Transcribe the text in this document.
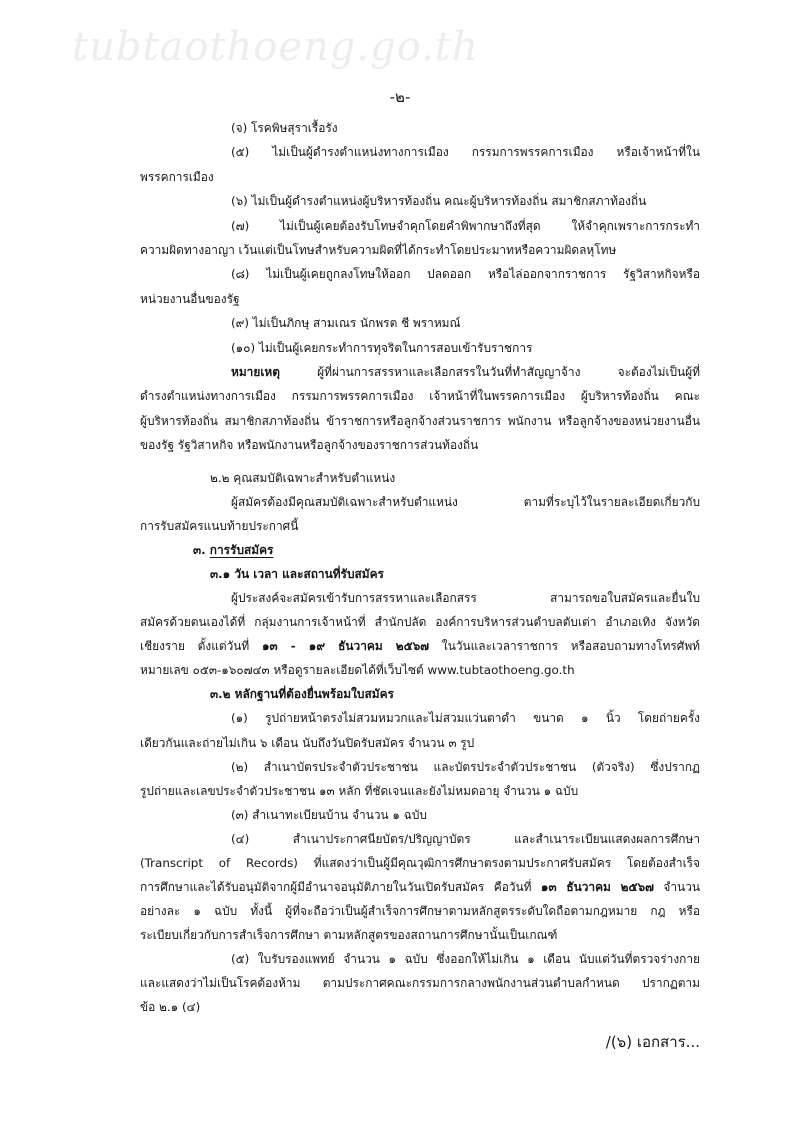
tubtaothoeng.go.th
-๒-
(จ) โรคพิษสุราเรื้อรัง
(๕) ไม่เป็นผู้ดำรงตำแหน่งทางการเมือง กรรมการพรรคการเมือง หรือเจ้าหน้าที่ใน
พรรคการเมือง
(๖) ไม่เป็นผู้ดำรงตำแหน่งผู้บริหารท้องถิ่น คณะผู้บริหารท้องถิ่น สมาชิกสภาท้องถิ่น
(๗) ไม่เป็นผู้เคยต้องรับโทษจำคุกโดยคำพิพากษาถึงที่สุด ให้จำคุกเพราะการกระทำ
ความผิดทางอาญา เว้นแต่เป็นโทษสำหรับความผิดที่ได้กระทำโดยประมาทหรือความผิดลหุโทษ
(๘) ไม่เป็นผู้เคยถูกลงโทษให้ออก ปลดออก หรือไล่ออกจากราชการ รัฐวิสาหกิจหรือ
หน่วยงานอื่นของรัฐ
(๙) ไม่เป็นภิกษุ สามเณร นักพรต ชี พราหมณ์
(๑๐) ไม่เป็นผู้เคยกระทำการทุจริตในการสอบเข้ารับราชการ
หมายเหตุ ผู้ที่ผ่านการสรรหาและเลือกสรรในวันที่ทำสัญญาจ้าง จะต้องไม่เป็นผู้ที่
ดำรงตำแหน่งทางการเมือง กรรมการพรรคการเมือง เจ้าหน้าที่ในพรรคการเมือง ผู้บริหารท้องถิ่น คณะ
ผู้บริหารท้องถิ่น สมาชิกสภาท้องถิ่น ข้าราชการหรือลูกจ้างส่วนราชการ พนักงาน หรือลูกจ้างของหน่วยงานอื่น
ของรัฐ รัฐวิสาหกิจ หรือพนักงานหรือลูกจ้างของราชการส่วนท้องถิ่น
๒.๒ คุณสมบัติเฉพาะสำหรับตำแหน่ง
ผู้สมัครต้องมีคุณสมบัติเฉพาะสำหรับตำแหน่ง ตามที่ระบุไว้ในรายละเอียดเกี่ยวกับ
การรับสมัครแนบท้ายประกาศนี้
๓. การรับสมัคร
๓.๑ วัน เวลา และสถานที่รับสมัคร
ผู้ประสงค์จะสมัครเข้ารับการสรรหาและเลือกสรร สามารถขอใบสมัครและยื่นใบ
สมัครด้วยตนเองได้ที่ กลุ่มงานการเจ้าหน้าที่ สำนักปลัด องค์การบริหารส่วนตำบลตับเต่า อำเภอเทิง จังหวัด
เชียงราย ตั้งแต่วันที่ ๑๓ - ๑๙ ธันวาคม ๒๕๖๗ ในวันและเวลาราชการ หรือสอบถามทางโทรศัพท์
หมายเลข ๐๕๓-๑๖๐๗๔๓ หรือดูรายละเอียดได้ที่เว็บไซต์ www.tubtaothoeng.go.th
๓.๒ หลักฐานที่ต้องยื่นพร้อมใบสมัคร
(๑) รูปถ่ายหน้าตรงไม่สวมหมวกและไม่สวมแว่นตาดำ ขนาด ๑ นิ้ว โดยถ่ายครั้ง
เดียวกันและถ่ายไม่เกิน ๖ เดือน นับถึงวันปิดรับสมัคร จำนวน ๓ รูป
(๒) สำเนาบัตรประจำตัวประชาชน และบัตรประจำตัวประชาชน (ตัวจริง) ซึ่งปรากฏ
รูปถ่ายและเลขประจำตัวประชาชน ๑๓ หลัก ที่ชัดเจนและยังไม่หมดอายุ จำนวน ๑ ฉบับ
(๓) สำเนาทะเบียนบ้าน จำนวน ๑ ฉบับ
(๔) สำเนาประกาศนียบัตร/ปริญญาบัตร และสำเนาระเบียนแสดงผลการศึกษา
(Transcript of Records) ที่แสดงว่าเป็นผู้มีคุณวุฒิการศึกษาตรงตามประกาศรับสมัคร โดยต้องสำเร็จ
การศึกษาและได้รับอนุมัติจากผู้มีอำนาจอนุมัติภายในวันเปิดรับสมัคร คือวันที่ ๑๓ ธันวาคม ๒๕๖๗ จำนวน
อย่างละ ๑ ฉบับ ทั้งนี้ ผู้ที่จะถือว่าเป็นผู้สำเร็จการศึกษาตามหลักสูตรระดับใดถือตามกฎหมาย กฎ หรือ
ระเบียบเกี่ยวกับการสำเร็จการศึกษา ตามหลักสูตรของสถานการศึกษานั้นเป็นเกณฑ์
(๕) ใบรับรองแพทย์ จำนวน ๑ ฉบับ ซึ่งออกให้ไม่เกิน ๑ เดือน นับแต่วันที่ตรวจร่างกาย
และแสดงว่าไม่เป็นโรคต้องห้าม ตามประกาศคณะกรรมการกลางพนักงานส่วนตำบลกำหนด ปรากฏตาม
ข้อ ๒.๑ (๔)
/(๖) เอกสาร...
